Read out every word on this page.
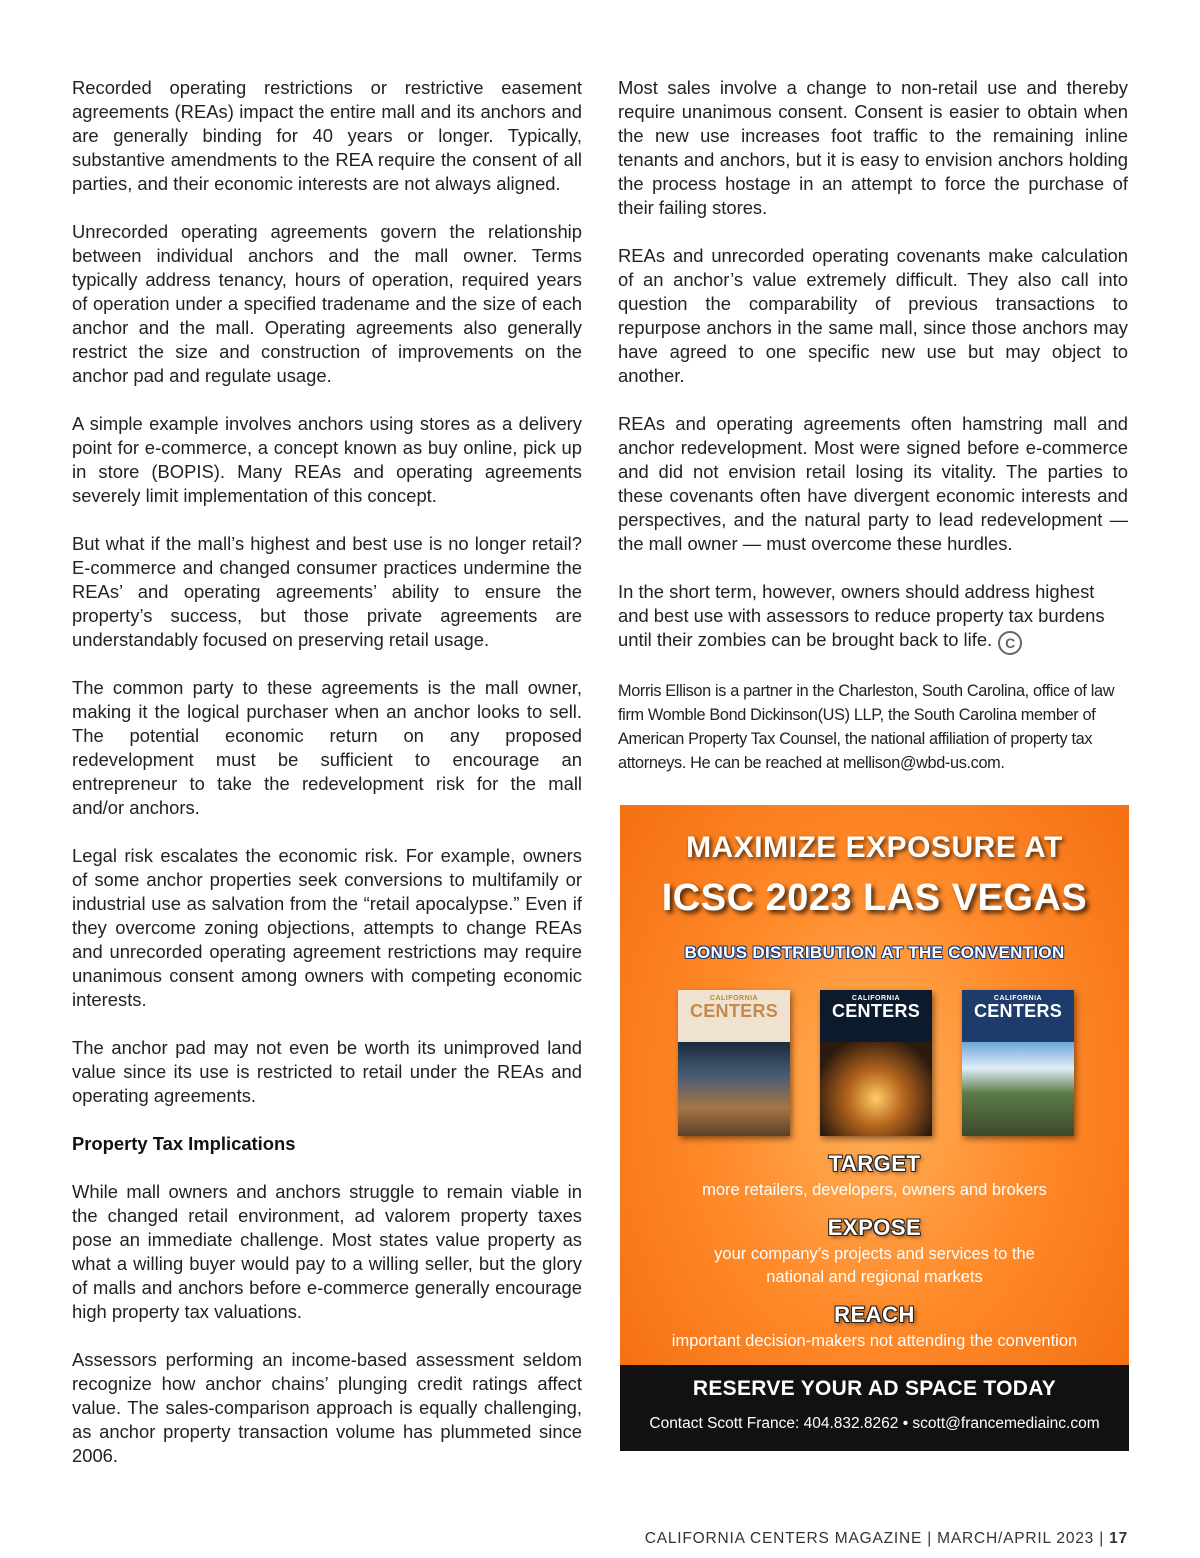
Recorded operating restrictions or restrictive easement agreements (REAs) impact the entire mall and its anchors and are generally binding for 40 years or longer. Typically, substantive amendments to the REA require the consent of all parties, and their economic interests are not always aligned.

Unrecorded operating agreements govern the relationship between individual anchors and the mall owner. Terms typically address tenancy, hours of operation, required years of operation under a specified tradename and the size of each anchor and the mall. Operating agreements also generally restrict the size and construction of improvements on the anchor pad and regulate usage.

A simple example involves anchors using stores as a delivery point for e-commerce, a concept known as buy online, pick up in store (BOPIS). Many REAs and operating agreements severely limit implementation of this concept.

But what if the mall’s highest and best use is no longer retail? E-commerce and changed consumer practices undermine the REAs’ and operating agreements’ ability to ensure the property’s success, but those private agreements are understandably focused on preserving retail usage.

The common party to these agreements is the mall owner, making it the logical purchaser when an anchor looks to sell. The potential economic return on any proposed redevelopment must be sufficient to encourage an entrepreneur to take the redevelopment risk for the mall and/or anchors.

Legal risk escalates the economic risk. For example, owners of some anchor properties seek conversions to multifamily or industrial use as salvation from the “retail apocalypse.” Even if they overcome zoning objections, attempts to change REAs and unrecorded operating agreement restrictions may require unanimous consent among owners with competing economic interests.

The anchor pad may not even be worth its unimproved land value since its use is restricted to retail under the REAs and operating agreements.

Property Tax Implications

While mall owners and anchors struggle to remain viable in the changed retail environment, ad valorem property taxes pose an immediate challenge. Most states value property as what a willing buyer would pay to a willing seller, but the glory of malls and anchors before e-commerce generally encourage high property tax valuations.

Assessors performing an income-based assessment seldom recognize how anchor chains’ plunging credit ratings affect value. The sales-comparison approach is equally challenging, as anchor property transaction volume has plummeted since 2006.

Most sales involve a change to non-retail use and thereby require unanimous consent. Consent is easier to obtain when the new use increases foot traffic to the remaining inline tenants and anchors, but it is easy to envision anchors holding the process hostage in an attempt to force the purchase of their failing stores.

REAs and unrecorded operating covenants make calculation of an anchor’s value extremely difficult. They also call into question the comparability of previous transactions to repurpose anchors in the same mall, since those anchors may have agreed to one specific new use but may object to another.

REAs and operating agreements often hamstring mall and anchor redevelopment. Most were signed before e-commerce and did not envision retail losing its vitality. The parties to these covenants often have divergent economic interests and perspectives, and the natural party to lead redevelopment — the mall owner — must overcome these hurdles.

In the short term, however, owners should address highest and best use with assessors to reduce property tax burdens until their zombies can be brought back to life. C

Morris Ellison is a partner in the Charleston, South Carolina, office of law firm Womble Bond Dickinson(US) LLP, the South Carolina member of American Property Tax Counsel, the national affiliation of property tax attorneys. He can be reached at mellison@wbd-us.com.
MAXIMIZE EXPOSURE AT
ICSC 2023 LAS VEGAS
BONUS DISTRIBUTION AT THE CONVENTION
CALIFORNIA
CENTERS
CALIFORNIA
CENTERS
CALIFORNIA
CENTERS
TARGET
more retailers, developers, owners and brokers
EXPOSE
your company’s projects and services to the
national and regional markets
REACH
important decision-makers not attending the convention
RESERVE YOUR AD SPACE TODAY
Contact Scott France: 404.832.8262 • scott@francemediainc.com
CALIFORNIA CENTERS MAGAZINE | MARCH/APRIL 2023 | 17
